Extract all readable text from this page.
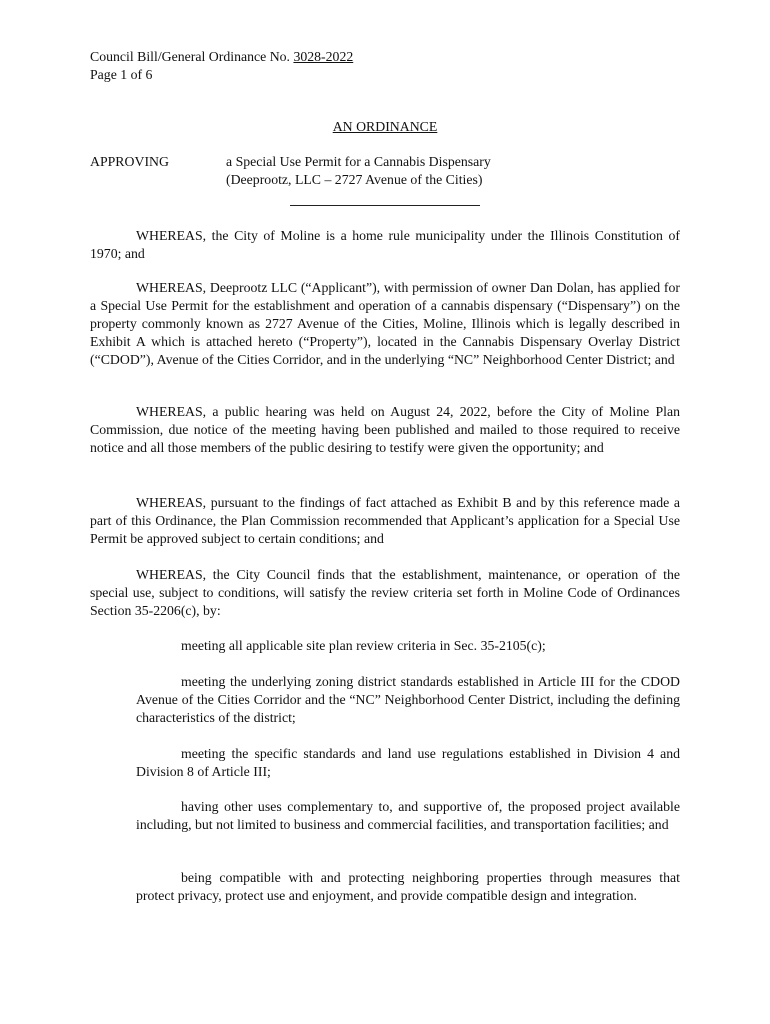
Council Bill/General Ordinance No. 3028-2022
Page 1 of 6
AN ORDINANCE
APPROVING	a Special Use Permit for a Cannabis Dispensary
(Deeprootz, LLC – 2727 Avenue of the Cities)

WHEREAS, the City of Moline is a home rule municipality under the Illinois Constitution of 1970; and

WHEREAS, Deeprootz LLC (“Applicant”), with permission of owner Dan Dolan, has applied for a Special Use Permit for the establishment and operation of a cannabis dispensary (“Dispensary”) on the property commonly known as 2727 Avenue of the Cities, Moline, Illinois which is legally described in Exhibit A which is attached hereto (“Property”), located in the Cannabis Dispensary Overlay District (“CDOD”), Avenue of the Cities Corridor, and in the underlying “NC” Neighborhood Center District; and

WHEREAS, a public hearing was held on August 24, 2022, before the City of Moline Plan Commission, due notice of the meeting having been published and mailed to those required to receive notice and all those members of the public desiring to testify were given the opportunity; and

WHEREAS, pursuant to the findings of fact attached as Exhibit B and by this reference made a part of this Ordinance, the Plan Commission recommended that Applicant’s application for a Special Use Permit be approved subject to certain conditions; and

WHEREAS, the City Council finds that the establishment, maintenance, or operation of the special use, subject to conditions, will satisfy the review criteria set forth in Moline Code of Ordinances Section 35-2206(c), by:

meeting all applicable site plan review criteria in Sec. 35-2105(c);

meeting the underlying zoning district standards established in Article III for the CDOD Avenue of the Cities Corridor and the “NC” Neighborhood Center District, including the defining characteristics of the district;

meeting the specific standards and land use regulations established in Division 4 and Division 8 of Article III;

having other uses complementary to, and supportive of, the proposed project available including, but not limited to business and commercial facilities, and transportation facilities; and

being compatible with and protecting neighboring properties through measures that protect privacy, protect use and enjoyment, and provide compatible design and integration.
